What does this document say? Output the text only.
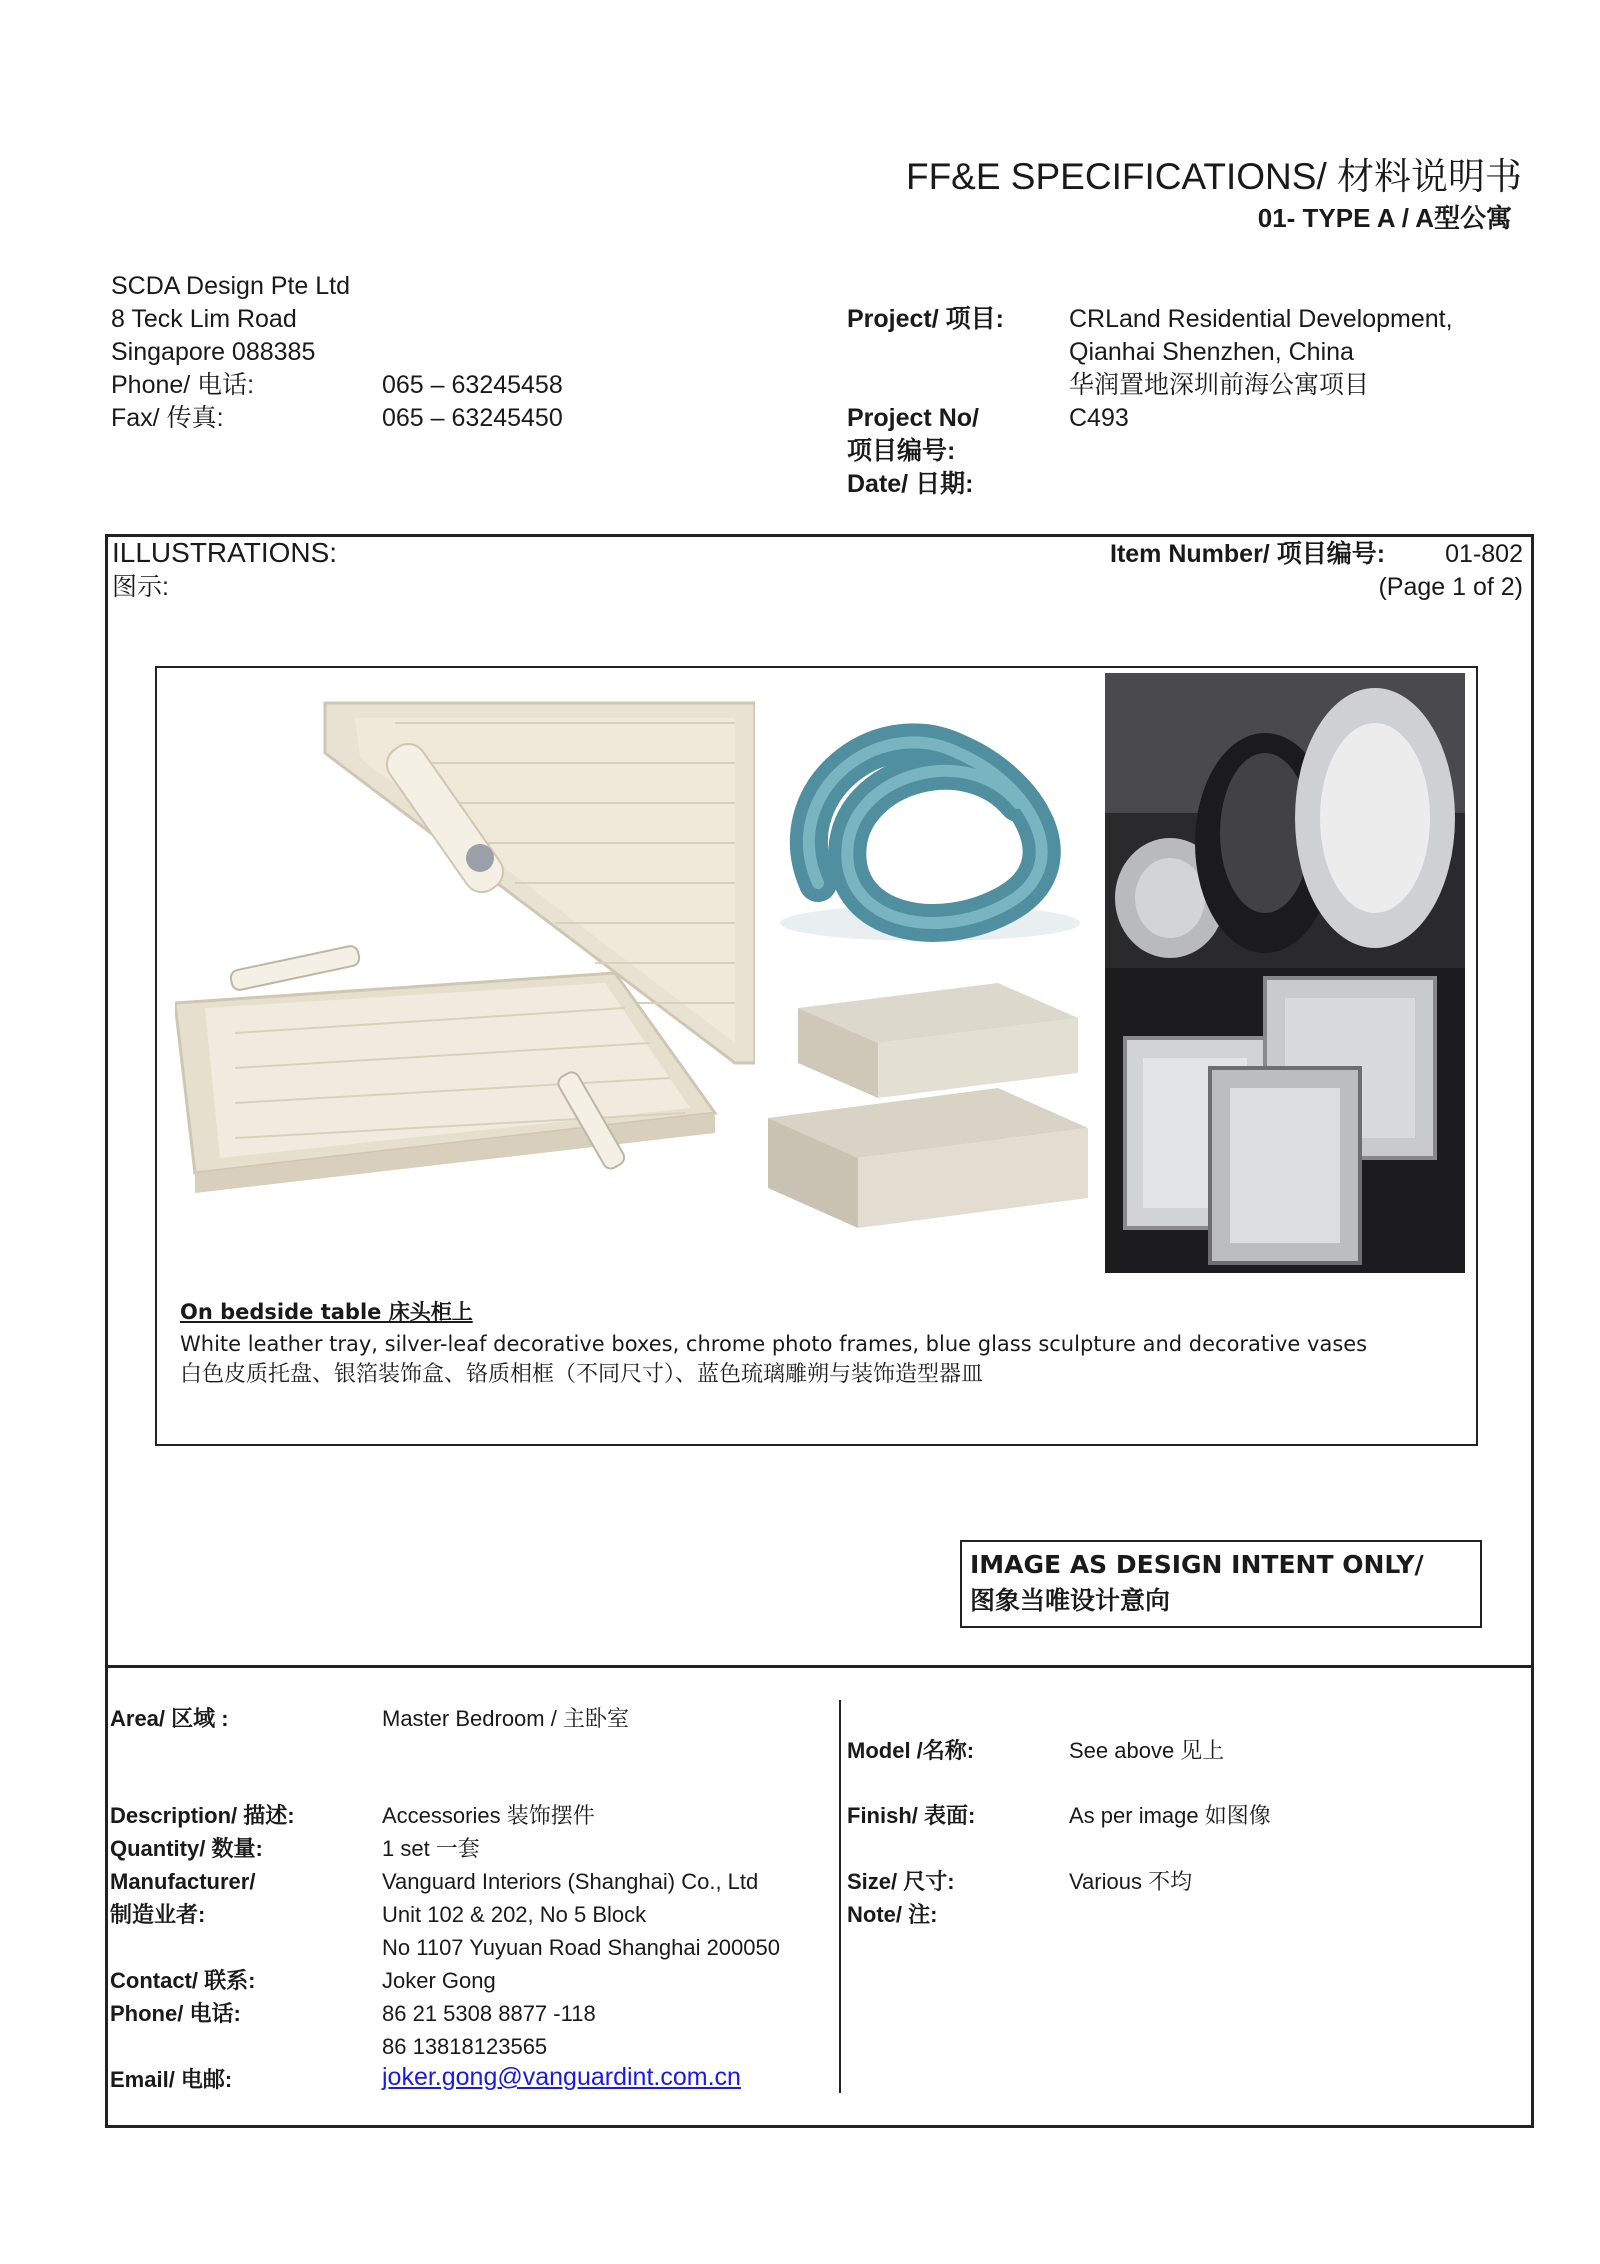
FF&E SPECIFICATIONS/ 材料说明书
01- TYPE A / A型公寓
SCDA Design Pte Ltd
8 Teck Lim Road
Singapore 088385
Phone/ 电话:	065 – 63245458
Fax/ 传真:	065 – 63245450
Project/ 项目:	CRLand Residential Development,
Qianhai Shenzhen, China
华润置地深圳前海公寓项目
Project No/
项目编号:
C493
Date/ 日期:
ILLUSTRATIONS:
图示:
Item Number/ 项目编号: 01-802
(Page 1 of 2)
On bedside table 床头柜上
White leather tray, silver-leaf decorative boxes, chrome photo frames, blue glass sculpture and decorative vases
白色皮质托盘、银箔装饰盒、铬质相框（不同尺寸）、蓝色琉璃雕朔与装饰造型器皿
IMAGE AS DESIGN INTENT ONLY/
图象当唯设计意向
Area/ 区域 :	Master Bedroom / 主卧室
Description/ 描述:	Accessories 装饰摆件
Quantity/ 数量:	1 set 一套
Manufacturer/
制造业者:
Vanguard Interiors (Shanghai) Co., Ltd
Unit 102 & 202, No 5 Block
No 1107 Yuyuan Road Shanghai 200050
Contact/ 联系:	Joker Gong
Phone/ 电话:	86 21 5308 8877 -118
86 13818123565
Email/ 电邮:	joker.gong@vanguardint.com.cn
Model /名称:	See above 见上
Finish/ 表面:	As per image 如图像
Size/ 尺寸:	Various 不均
Note/ 注:
